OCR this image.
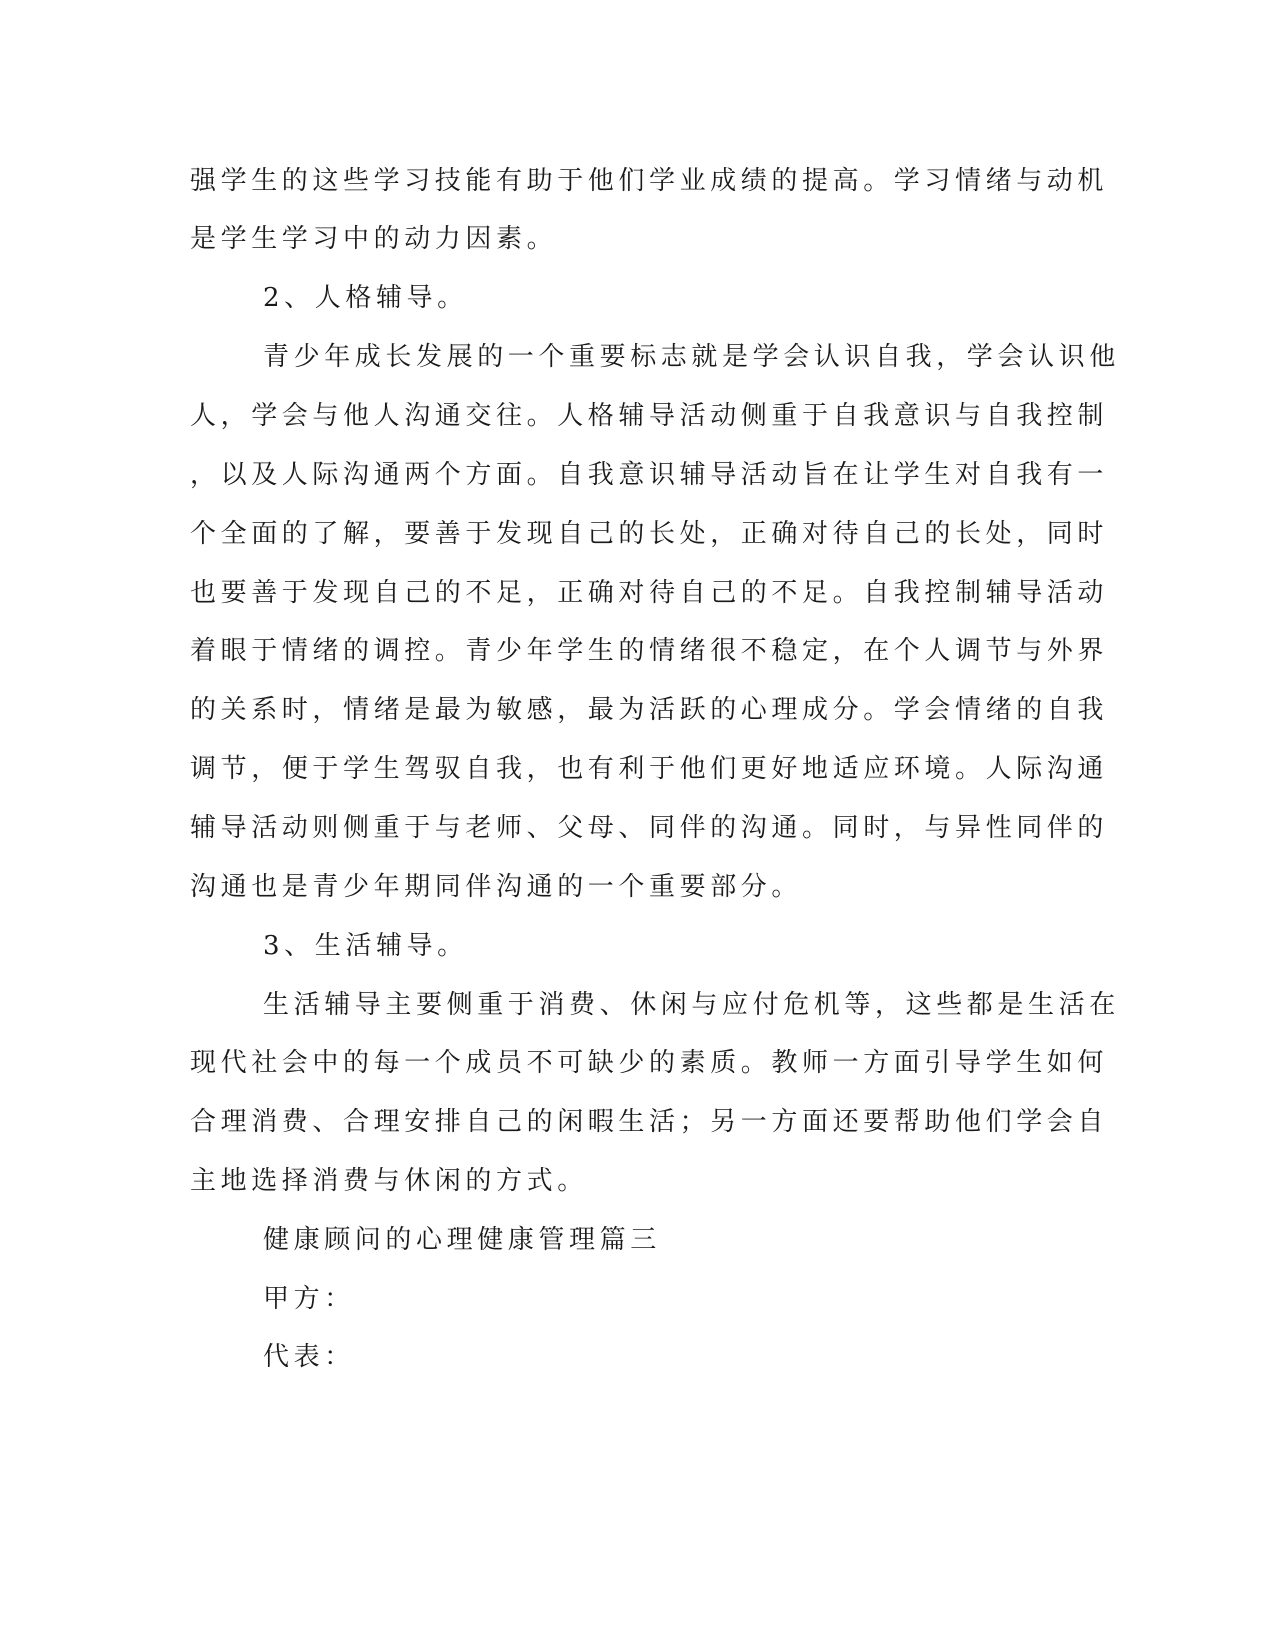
强学生的这些学习技能有助于他们学业成绩的提高。学习情绪与动机
是学生学习中的动力因素。
2、人格辅导。
青少年成长发展的一个重要标志就是学会认识自我，学会认识他
人，学会与他人沟通交往。人格辅导活动侧重于自我意识与自我控制
，以及人际沟通两个方面。自我意识辅导活动旨在让学生对自我有一
个全面的了解，要善于发现自己的长处，正确对待自己的长处，同时
也要善于发现自己的不足，正确对待自己的不足。自我控制辅导活动
着眼于情绪的调控。青少年学生的情绪很不稳定，在个人调节与外界
的关系时，情绪是最为敏感，最为活跃的心理成分。学会情绪的自我
调节，便于学生驾驭自我，也有利于他们更好地适应环境。人际沟通
辅导活动则侧重于与老师、父母、同伴的沟通。同时，与异性同伴的
沟通也是青少年期同伴沟通的一个重要部分。
3、生活辅导。
生活辅导主要侧重于消费、休闲与应付危机等，这些都是生活在
现代社会中的每一个成员不可缺少的素质。教师一方面引导学生如何
合理消费、合理安排自己的闲暇生活；另一方面还要帮助他们学会自
主地选择消费与休闲的方式。
健康顾问的心理健康管理篇三
甲方：
代表：
